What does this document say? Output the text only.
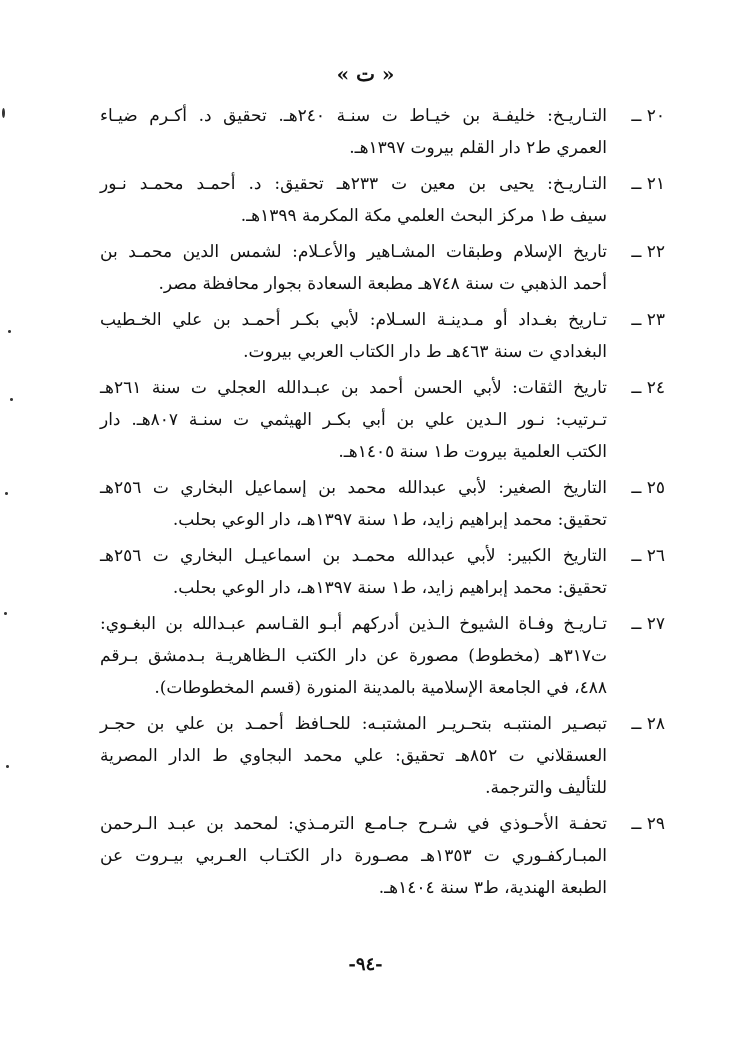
« ت »
٢٠ ــ
التـاريـخ: خليفـة بن خيـاط ت سنـة ٢٤٠هـ. تحقيق د. أكـرم ضيـاء
العمري ط٢ دار القلم بيروت ١٣٩٧هـ.
٢١ ــ
التـاريـخ: يحيى بن معين ت ٢٣٣هـ تحقيق: د. أحمـد محمـد نـور
سيف ط١ مركز البحث العلمي مكة المكرمة ١٣٩٩هـ.
٢٢ ــ
تاريخ الإسلام وطبقات المشـاهير والأعـلام: لشمس الدين محمـد بن
أحمد الذهبي ت سنة ٧٤٨هـ مطبعة السعادة بجوار محافظة مصر.
٢٣ ــ
تـاريخ بغـداد أو مـدينـة السـلام: لأبي بكـر أحمـد بن علي الخـطيب
البغدادي ت سنة ٤٦٣هـ ط دار الكتاب العربي بيروت.
٢٤ ــ
تاريخ الثقات: لأبي الحسن أحمد بن عبـدالله العجلي ت سنة ٢٦١هـ
تـرتيب: نـور الـدين علي بن أبي بكـر الهيثمي ت سنـة ٨٠٧هـ. دار
الكتب العلمية بيروت ط١ سنة ١٤٠٥هـ.
٢٥ ــ
التاريخ الصغير: لأبي عبدالله محمد بن إسماعيل البخاري ت ٢٥٦هـ
تحقيق: محمد إبراهيم زايد، ط١ سنة ١٣٩٧هـ، دار الوعي بحلب.
٢٦ ــ
التاريخ الكبير: لأبي عبدالله محمـد بن اسماعيـل البخاري ت ٢٥٦هـ
تحقيق: محمد إبراهيم زايد، ط١ سنة ١٣٩٧هـ، دار الوعي بحلب.
٢٧ ــ
تـاريـخ وفـاة الشيوخ الـذين أدركهم أبـو القـاسم عبـدالله بن البغـوي:
ت٣١٧هـ (مخطوط) مصورة عن دار الكتب الـظاهريـة بـدمشق بـرقم
٤٨٨، في الجامعة الإسلامية بالمدينة المنورة (قسم المخطوطات).
٢٨ ــ
تبصـير المنتبـه بتحـريـر المشتبـه: للحـافظ أحمـد بن علي بن حجـر
العسقلاني ت ٨٥٢هـ تحقيق: علي محمد البجاوي ط الدار المصرية
للتأليف والترجمة.
٢٩ ــ
تحفـة الأحـوذي في شـرح جـامـع الترمـذي: لمحمد بن عبـد الـرحمن
المبـاركفـوري ت ١٣٥٣هـ مصـورة دار الكتـاب العـربي بيـروت عن
الطبعة الهندية، ط٣ سنة ١٤٠٤هـ.
-٩٤-
